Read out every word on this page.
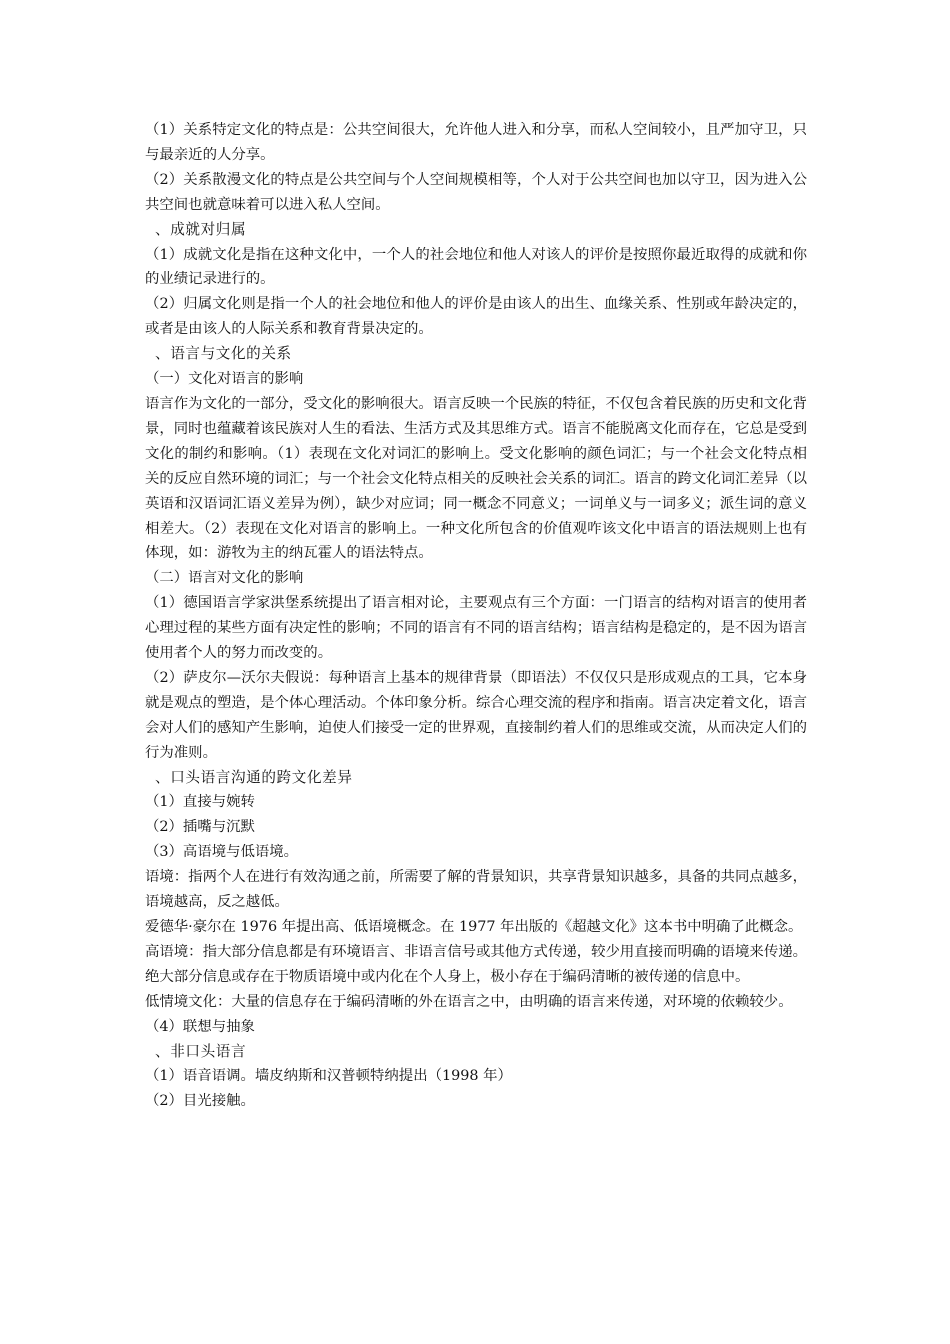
（1）关系特定文化的特点是：公共空间很大，允许他人进入和分享，而私人空间较小，且严加守卫，只与最亲近的人分享。

（2）关系散漫文化的特点是公共空间与个人空间规模相等，个人对于公共空间也加以守卫，因为进入公共空间也就意味着可以进入私人空间。

、成就对归属

（1）成就文化是指在这种文化中，一个人的社会地位和他人对该人的评价是按照你最近取得的成就和你的业绩记录进行的。

（2）归属文化则是指一个人的社会地位和他人的评价是由该人的出生、血缘关系、性别或年龄决定的，或者是由该人的人际关系和教育背景决定的。

、语言与文化的关系

（一）文化对语言的影响

语言作为文化的一部分，受文化的影响很大。语言反映一个民族的特征，不仅包含着民族的历史和文化背景，同时也蕴藏着该民族对人生的看法、生活方式及其思维方式。语言不能脱离文化而存在，它总是受到文化的制约和影响。（1）表现在文化对词汇的影响上。受文化影响的颜色词汇；与一个社会文化特点相关的反应自然环境的词汇；与一个社会文化特点相关的反映社会关系的词汇。语言的跨文化词汇差异（以英语和汉语词汇语义差异为例），缺少对应词；同一概念不同意义；一词单义与一词多义；派生词的意义相差大。（2）表现在文化对语言的影响上。一种文化所包含的价值观咋该文化中语言的语法规则上也有体现，如：游牧为主的纳瓦霍人的语法特点。

（二）语言对文化的影响

（1）德国语言学家洪堡系统提出了语言相对论，主要观点有三个方面：一门语言的结构对语言的使用者心理过程的某些方面有决定性的影响；不同的语言有不同的语言结构；语言结构是稳定的，是不因为语言使用者个人的努力而改变的。

（2）萨皮尔—沃尔夫假说：每种语言上基本的规律背景（即语法）不仅仅只是形成观点的工具，它本身就是观点的塑造，是个体心理活动。个体印象分析。综合心理交流的程序和指南。语言决定着文化，语言会对人们的感知产生影响，迫使人们接受一定的世界观，直接制约着人们的思维或交流，从而决定人们的行为准则。

、口头语言沟通的跨文化差异

（1）直接与婉转

（2）插嘴与沉默

（3）高语境与低语境。

语境：指两个人在进行有效沟通之前，所需要了解的背景知识，共享背景知识越多，具备的共同点越多，语境越高，反之越低。

爱德华·豪尔在 1976 年提出高、低语境概念。在 1977 年出版的《超越文化》这本书中明确了此概念。

高语境：指大部分信息都是有环境语言、非语言信号或其他方式传递，较少用直接而明确的语境来传递。绝大部分信息或存在于物质语境中或内化在个人身上，极小存在于编码清晰的被传递的信息中。

低情境文化：大量的信息存在于编码清晰的外在语言之中，由明确的语言来传递，对环境的依赖较少。

（4）联想与抽象

、非口头语言

（1）语音语调。墙皮纳斯和汉普顿特纳提出（1998 年）

（2）目光接触。
